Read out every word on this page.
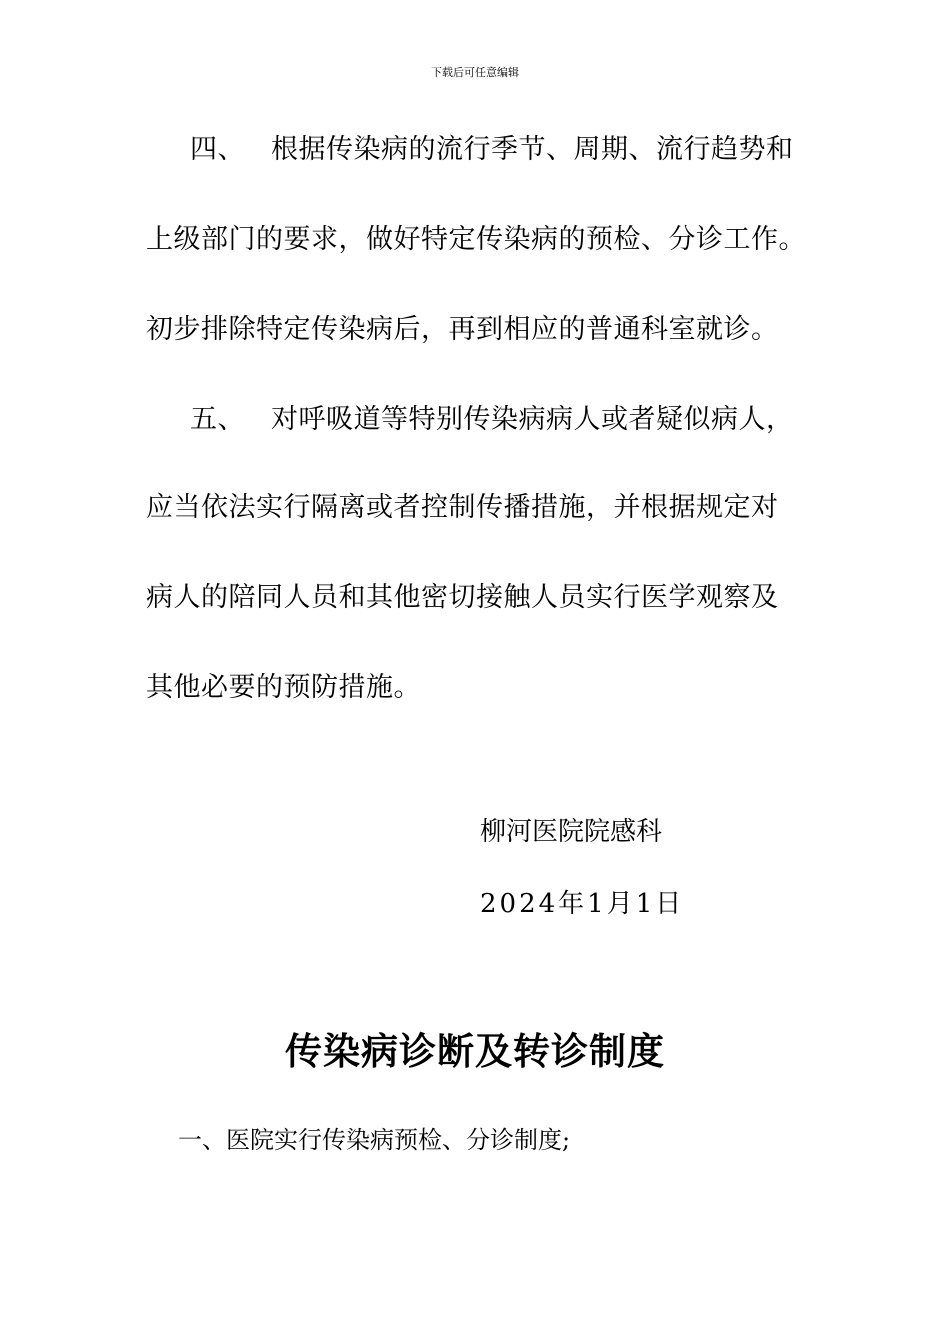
下载后可任意编辑
四、 根据传染病的流行季节、周期、流行趋势和
上级部门的要求，做好特定传染病的预检、分诊工作。
初步排除特定传染病后，再到相应的普通科室就诊。
五、 对呼吸道等特别传染病病人或者疑似病人，
应当依法实行隔离或者控制传播措施，并根据规定对
病人的陪同人员和其他密切接触人员实行医学观察及
其他必要的预防措施。
柳河医院院感科
2024年1月1日
传染病诊断及转诊制度
一、医院实行传染病预检、分诊制度;
